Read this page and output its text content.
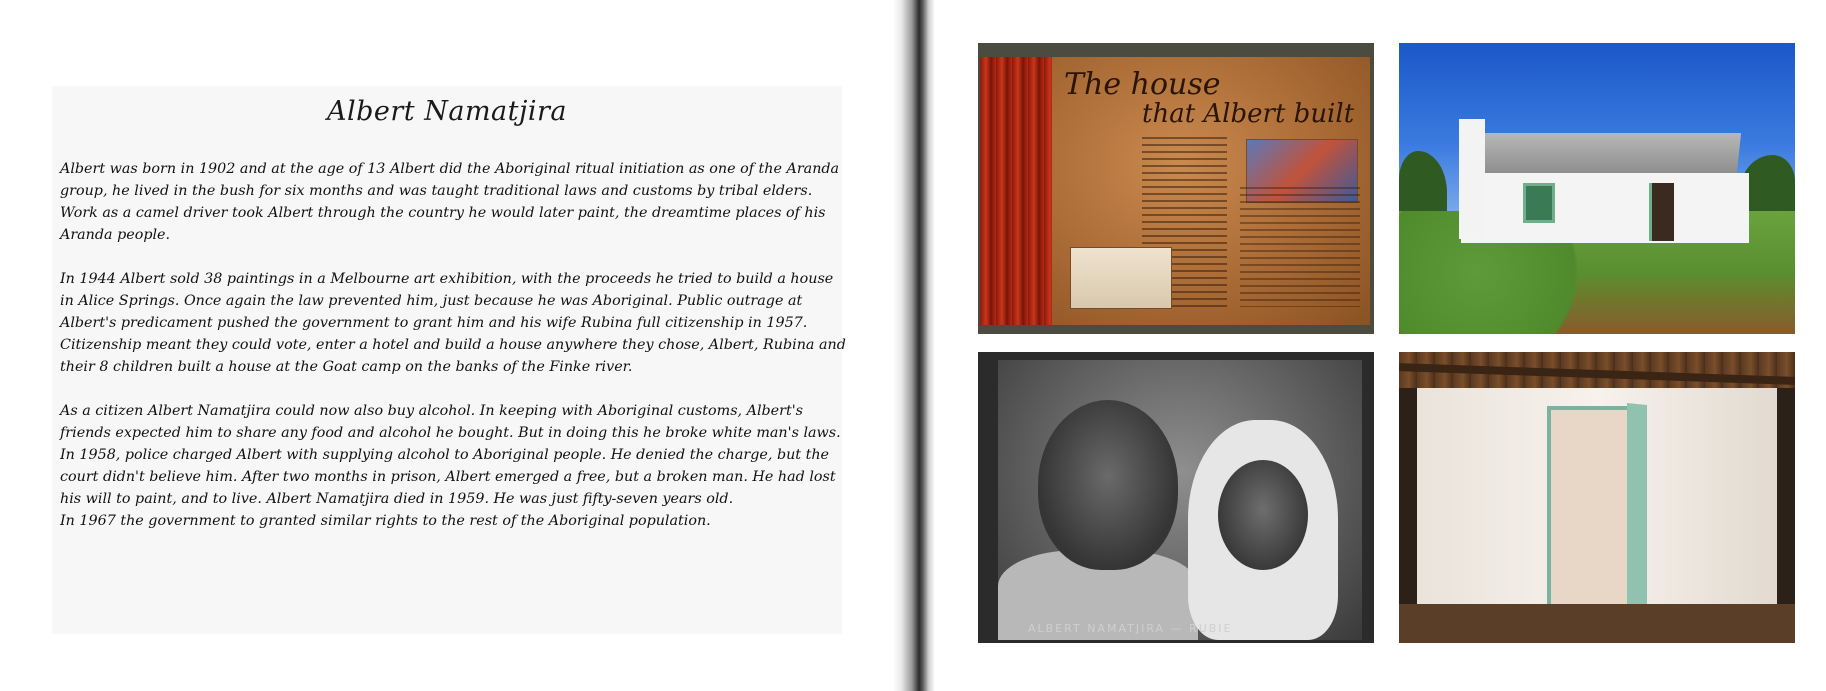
Albert Namatjira

Albert was born in 1902 and at the age of 13 Albert did the Aboriginal ritual initiation as one of the Aranda group, he lived in the bush for six months and was taught traditional laws and customs by tribal elders. Work as a camel driver took Albert through the country he would later paint, the dreamtime places of his Aranda people.

In 1944 Albert sold 38 paintings in a Melbourne art exhibition, with the proceeds he tried to build a house in Alice Springs. Once again the law prevented him, just because he was Aboriginal. Public outrage at Albert's predicament pushed the government to grant him and his wife Rubina full citizenship in 1957. Citizenship meant they could vote, enter a hotel and build a house anywhere they chose, Albert, Rubina and their 8 children built a house at the Goat camp on the banks of the Finke river.

As a citizen Albert Namatjira could now also buy alcohol. In keeping with Aboriginal customs, Albert's friends expected him to share any food and alcohol he bought. But in doing this he broke white man's laws. In 1958, police charged Albert with supplying alcohol to Aboriginal people. He denied the charge, but the court didn't believe him. After two months in prison, Albert emerged a free, but a broken man. He had lost his will to paint, and to live. Albert Namatjira died in 1959. He was just fifty-seven years old.

In 1967 the government to granted similar rights to the rest of the Aboriginal population.

The house
that Albert built
ALBERT NAMATJIRA — RUBIE
